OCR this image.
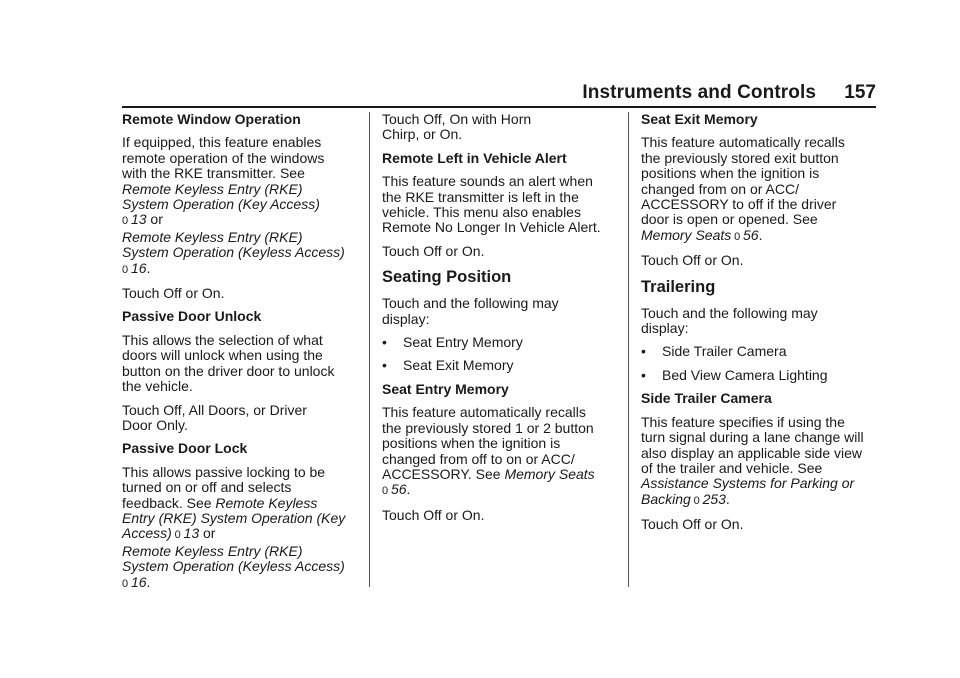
Instruments and Controls 157
Remote Window Operation
If equipped, this feature enables
remote operation of the windows
with the RKE transmitter. See
Remote Keyless Entry (RKE)
System Operation (Key Access)
0  13 or
Remote Keyless Entry (RKE)
System Operation (Keyless Access)
0  16.
Touch Off or On.
Passive Door Unlock
This allows the selection of what
doors will unlock when using the
button on the driver door to unlock
the vehicle.
Touch Off, All Doors, or Driver
Door Only.
Passive Door Lock
This allows passive locking to be
turned on or off and selects
feedback. See Remote Keyless
Entry (RKE) System Operation (Key
Access)  0  13 or
Remote Keyless Entry (RKE)
System Operation (Keyless Access)
0  16.
Touch Off, On with Horn
Chirp, or On.
Remote Left in Vehicle Alert
This feature sounds an alert when
the RKE transmitter is left in the
vehicle. This menu also enables
Remote No Longer In Vehicle Alert.
Touch Off or On.
Seating Position
Touch and the following may
display:
•	Seat Entry Memory
•	Seat Exit Memory
Seat Entry Memory
This feature automatically recalls
the previously stored 1 or 2 button
positions when the ignition is
changed from off to on or ACC/
ACCESSORY. See Memory Seats
0  56.
Touch Off or On.
Seat Exit Memory
This feature automatically recalls
the previously stored exit button
positions when the ignition is
changed from on or ACC/
ACCESSORY to off if the driver
door is open or opened. See
Memory Seats  0  56.
Touch Off or On.
Trailering
Touch and the following may
display:
•	Side Trailer Camera
•	Bed View Camera Lighting
Side Trailer Camera
This feature specifies if using the
turn signal during a lane change will
also display an applicable side view
of the trailer and vehicle. See
Assistance Systems for Parking or
Backing  0  253.
Touch Off or On.
